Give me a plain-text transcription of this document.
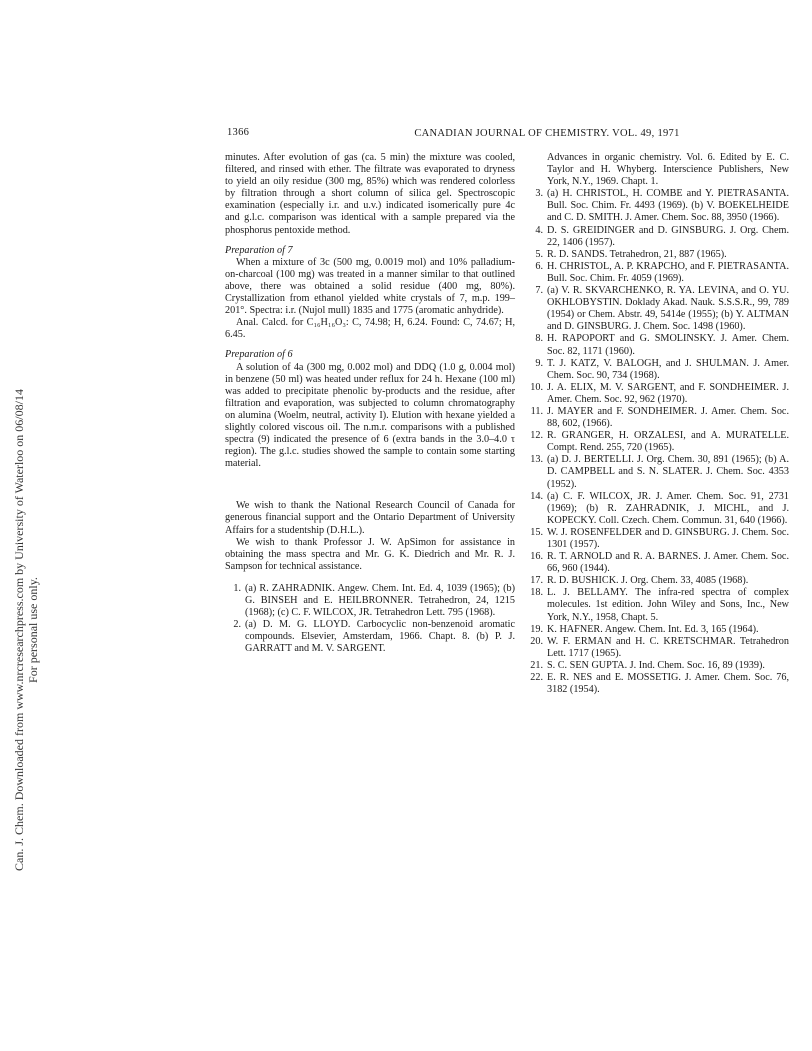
Can. J. Chem. Downloaded from www.nrcresearchpress.com by University of Waterloo on 06/08/14 For personal use only.
1366	CANADIAN JOURNAL OF CHEMISTRY. VOL. 49, 1971

minutes. After evolution of gas (ca. 5 min) the mixture was cooled, filtered, and rinsed with ether. The filtrate was evaporated to dryness to yield an oily residue (300 mg, 85%) which was rendered colorless by filtration through a short column of silica gel. Spectroscopic examination (especially i.r. and u.v.) indicated isomerically pure 4c and g.l.c. comparison was identical with a sample prepared via the phosphorus pentoxide method.

Preparation of 7

When a mixture of 3c (500 mg, 0.0019 mol) and 10% palladium-on-charcoal (100 mg) was treated in a manner similar to that outlined above, there was obtained a solid residue (400 mg, 80%). Crystallization from ethanol yielded white crystals of 7, m.p. 199–201°. Spectra: i.r. (Nujol mull) 1835 and 1775 (aromatic anhydride).

Anal. Calcd. for C₁₆H₁₆O₃: C, 74.98; H, 6.24. Found: C, 74.67; H, 6.45.

Preparation of 6

A solution of 4a (300 mg, 0.002 mol) and DDQ (1.0 g, 0.004 mol) in benzene (50 ml) was heated under reflux for 24 h. Hexane (100 ml) was added to precipitate phenolic by-products and the residue, after filtration and evaporation, was subjected to column chromatography on alumina (Woelm, neutral, activity I). Elution with hexane yielded a slightly colored viscous oil. The n.m.r. comparisons with a published spectra (9) indicated the presence of 6 (extra bands in the 3.0–4.0 τ region). The g.l.c. studies showed the sample to contain some starting material.

We wish to thank the National Research Council of Canada for generous financial support and the Ontario Department of University Affairs for a studentship (D.H.L.).

We wish to thank Professor J. W. ApSimon for assistance in obtaining the mass spectra and Mr. G. K. Diedrich and Mr. R. J. Sampson for technical assistance.

1. (a) R. ZAHRADNIK. Angew. Chem. Int. Ed. 4, 1039 (1965); (b) G. BINSEH and E. HEILBRONNER. Tetrahedron, 24, 1215 (1968); (c) C. F. WILCOX, JR. Tetrahedron Lett. 795 (1968).
2. (a) D. M. G. LLOYD. Carbocyclic non-benzenoid aromatic compounds. Elsevier, Amsterdam, 1966. Chapt. 8. (b) P. J. GARRATT and M. V. SARGENT.
Advances in organic chemistry. Vol. 6. Edited by E. C. Taylor and H. Whyberg. Interscience Publishers, New York, N.Y., 1969. Chapt. 1.
3. (a) H. CHRISTOL, H. COMBE and Y. PIETRASANTA. Bull. Soc. Chim. Fr. 4493 (1969). (b) V. BOEKELHEIDE and C. D. SMITH. J. Amer. Chem. Soc. 88, 3950 (1966).
4. D. S. GREIDINGER and D. GINSBURG. J. Org. Chem. 22, 1406 (1957).
5. R. D. SANDS. Tetrahedron, 21, 887 (1965).
6. H. CHRISTOL, A. P. KRAPCHO, and F. PIETRASANTA. Bull. Soc. Chim. Fr. 4059 (1969).
7. (a) V. R. SKVARCHENKO, R. YA. LEVINA, and O. YU. OKHLOBYSTIN. Doklady Akad. Nauk. S.S.S.R., 99, 789 (1954) or Chem. Abstr. 49, 5414e (1955); (b) Y. ALTMAN and D. GINSBURG. J. Chem. Soc. 1498 (1960).
8. H. RAPOPORT and G. SMOLINSKY. J. Amer. Chem. Soc. 82, 1171 (1960).
9. T. J. KATZ, V. BALOGH, and J. SHULMAN. J. Amer. Chem. Soc. 90, 734 (1968).
10. J. A. ELIX, M. V. SARGENT, and F. SONDHEIMER. J. Amer. Chem. Soc. 92, 962 (1970).
11. J. MAYER and F. SONDHEIMER. J. Amer. Chem. Soc. 88, 602, (1966).
12. R. GRANGER, H. ORZALESI, and A. MURATELLE. Compt. Rend. 255, 720 (1965).
13. (a) D. J. BERTELLI. J. Org. Chem. 30, 891 (1965); (b) A. D. CAMPBELL and S. N. SLATER. J. Chem. Soc. 4353 (1952).
14. (a) C. F. WILCOX, JR. J. Amer. Chem. Soc. 91, 2731 (1969); (b) R. ZAHRADNIK, J. MICHL, and J. KOPECKY. Coll. Czech. Chem. Commun. 31, 640 (1966).
15. W. J. ROSENFELDER and D. GINSBURG. J. Chem. Soc. 1301 (1957).
16. R. T. ARNOLD and R. A. BARNES. J. Amer. Chem. Soc. 66, 960 (1944).
17. R. D. BUSHICK. J. Org. Chem. 33, 4085 (1968).
18. L. J. BELLAMY. The infra-red spectra of complex molecules. 1st edition. John Wiley and Sons, Inc., New York, N.Y., 1958, Chapt. 5.
19. K. HAFNER. Angew. Chem. Int. Ed. 3, 165 (1964).
20. W. F. ERMAN and H. C. KRETSCHMAR. Tetrahedron Lett. 1717 (1965).
21. S. C. SEN GUPTA. J. Ind. Chem. Soc. 16, 89 (1939).
22. E. R. NES and E. MOSSETIG. J. Amer. Chem. Soc. 76, 3182 (1954).
